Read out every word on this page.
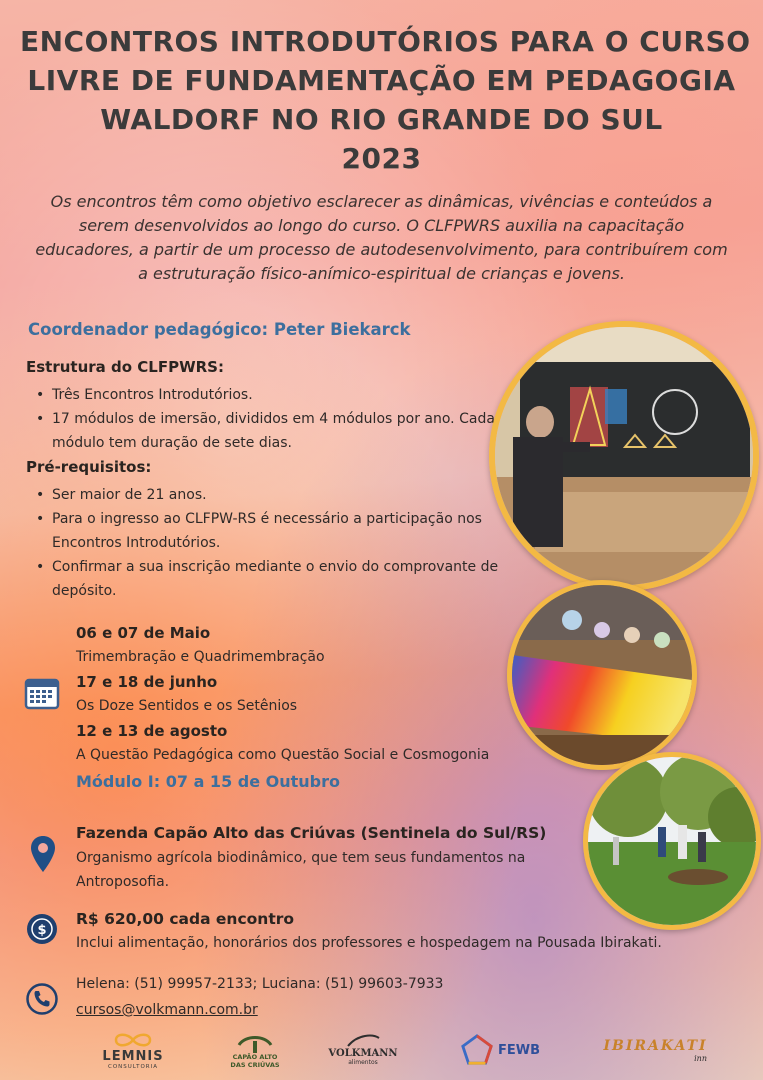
ENCONTROS INTRODUTÓRIOS PARA O CURSO
LIVRE DE FUNDAMENTAÇÃO EM PEDAGOGIA
WALDORF NO RIO GRANDE DO SUL
2023
Os encontros têm como objetivo esclarecer as dinâmicas, vivências e conteúdos a serem desenvolvidos ao longo do curso. O CLFPWRS auxilia na capacitação educadores, a partir de um processo de autodesenvolvimento, para contribuírem com a estruturação físico-anímico-espiritual de crianças e jovens.
Coordenador pedagógico: Peter Biekarck
Estrutura do CLFPWRS:
• Três Encontros Introdutórios.
• 17 módulos de imersão, divididos em 4 módulos por ano. Cada módulo tem duração de sete dias.
Pré-requisitos:
• Ser maior de 21 anos.
• Para o ingresso ao CLFPW-RS é necessário a participação nos Encontros Introdutórios.
• Confirmar a sua inscrição mediante o envio do comprovante de depósito.
06 e 07 de Maio
Trimembração e Quadrimembração
17 e 18 de junho
Os Doze Sentidos e os Setênios
12 e 13 de agosto
A Questão Pedagógica como Questão Social e Cosmogonia
Módulo I: 07 a 15 de Outubro
Fazenda Capão Alto das Criúvas (Sentinela do Sul/RS)
Organismo agrícola biodinâmico, que tem seus fundamentos na
Antroposofia.
$
R$ 620,00 cada encontro
Inclui alimentação, honorários dos professores e hospedagem na Pousada Ibirakati.
Helena: (51) 99957-2133; Luciana: (51) 99603-7933
cursos@volkmann.com.br
LEMNIS
CONSULTORIA
CAPÃO ALTO DAS CRIÚVAS
VOLKMANN
alimentos
FEWB	IBIRAKATI
inn
